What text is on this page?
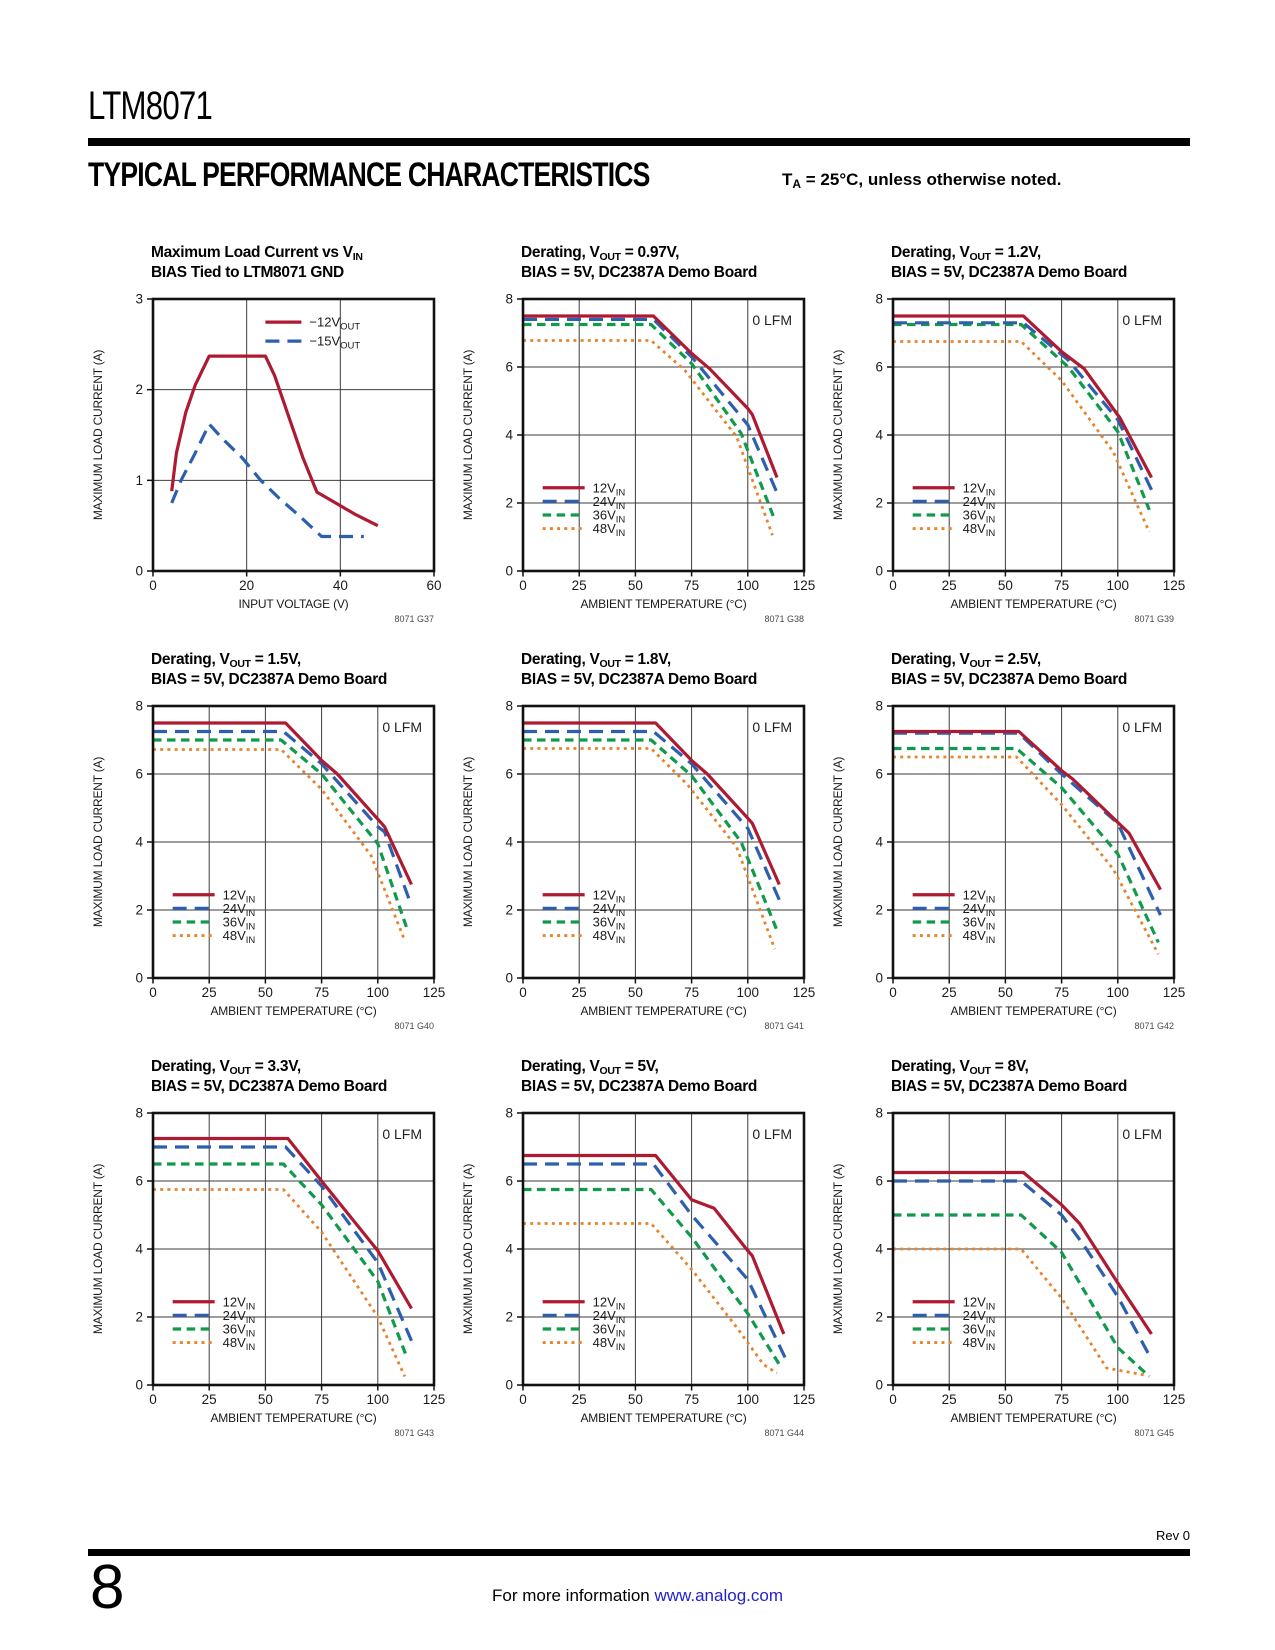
LTM8071
TYPICAL PERFORMANCE CHARACTERISTICS	TA = 25°C, unless otherwise noted.
Maximum Load Current vs VIN
BIAS Tied to LTM8071 GND
0	20	40	60
0
1
2
3
INPUT VOLTAGE (V)
MAXIMUM LOAD CURRENT (A)
$-12V_{OUT}$
$-15V_{OUT}$
8071 G37
Derating, VOUT = 0.97V,
BIAS = 5V, DC2387A Demo Board
0	25	50	75	100 125
0
2
4
6
8
AMBIENT TEMPERATURE (°C)
MAXIMUM LOAD CURRENT (A)
0 LFM
$12V_{IN}$
$24V_{IN}$
$36V_{IN}$
$48V_{IN}$
8071 G38
Derating, VOUT = 1.2V,
BIAS = 5V, DC2387A Demo Board
0	25	50	75	100 125
0
2
4
6
8
AMBIENT TEMPERATURE (°C)
MAXIMUM LOAD CURRENT (A)
0 LFM
$12V_{IN}$
$24V_{IN}$
$36V_{IN}$
$48V_{IN}$
8071 G39
Derating, VOUT = 1.5V,
BIAS = 5V, DC2387A Demo Board
0	25	50	75	100 125
0
2
4
6
8
AMBIENT TEMPERATURE (°C)
MAXIMUM LOAD CURRENT (A)
0 LFM
$12V_{IN}$
$24V_{IN}$
$36V_{IN}$
$48V_{IN}$
8071 G40
Derating, VOUT = 1.8V,
BIAS = 5V, DC2387A Demo Board
0	25	50	75	100 125
0
2
4
6
8
AMBIENT TEMPERATURE (°C)
MAXIMUM LOAD CURRENT (A)
0 LFM
$12V_{IN}$
$24V_{IN}$
$36V_{IN}$
$48V_{IN}$
8071 G41
Derating, VOUT = 2.5V,
BIAS = 5V, DC2387A Demo Board
0	25	50	75	100 125
0
2
4
6
8
AMBIENT TEMPERATURE (°C)
MAXIMUM LOAD CURRENT (A)
0 LFM
$12V_{IN}$
$24V_{IN}$
$36V_{IN}$
$48V_{IN}$
8071 G42
Derating, VOUT = 3.3V,
BIAS = 5V, DC2387A Demo Board
0	25	50	75	100 125
0
2
4
6
8
AMBIENT TEMPERATURE (°C)
MAXIMUM LOAD CURRENT (A)
0 LFM
$12V_{IN}$
$24V_{IN}$
$36V_{IN}$
$48V_{IN}$
8071 G43
Derating, VOUT = 5V,
BIAS = 5V, DC2387A Demo Board
0	25	50	75	100 125
0
2
4
6
8
AMBIENT TEMPERATURE (°C)
MAXIMUM LOAD CURRENT (A)
0 LFM
$12V_{IN}$
$24V_{IN}$
$36V_{IN}$
$48V_{IN}$
8071 G44
Derating, VOUT = 8V,
BIAS = 5V, DC2387A Demo Board
0	25	50	75	100 125
0
2
4
6
8
AMBIENT TEMPERATURE (°C)
MAXIMUM LOAD CURRENT (A)
0 LFM
$12V_{IN}$
$24V_{IN}$
$36V_{IN}$
$48V_{IN}$
8071 G45
Rev 0
8	For more information www.analog.com
